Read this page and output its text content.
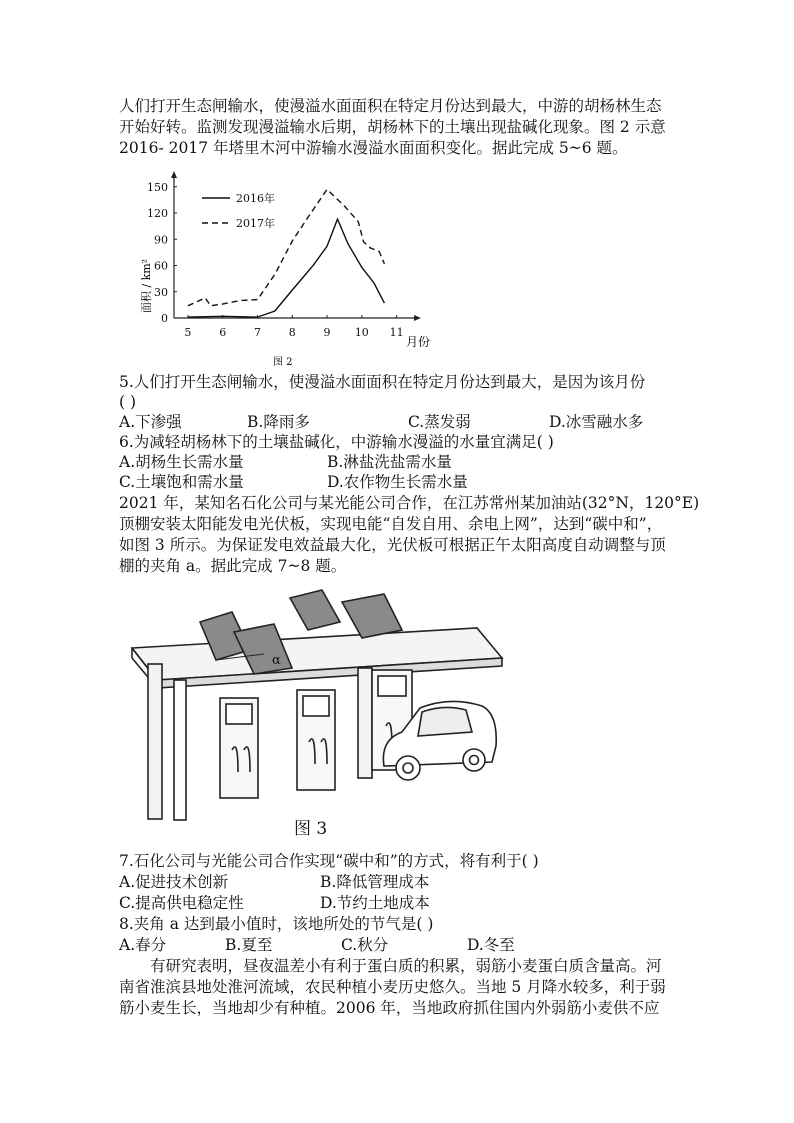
人们打开生态闸输水，使漫溢水面面积在特定月份达到最大，中游的胡杨林生态
开始好转。监测发现漫溢输水后期，胡杨林下的土壤出现盐碱化现象。图 2 示意
2016- 2017 年塔里木河中游输水漫溢水面面积变化。据此完成 5~6 题。
5	6	7	8	9 10 11
0
30
60
90
120
150
2016年
2017年
面积 / km²
月份
图 2
5.人们打开生态闸输水，使漫溢水面面积在特定月份达到最大，是因为该月份
( )
A.下渗强	B.降雨多	C.蒸发弱	D.冰雪融水多
6.为减轻胡杨林下的土壤盐碱化，中游输水漫溢的水量宜满足( )
A.胡杨生长需水量	B.淋盐洗盐需水量
C.土壤饱和需水量	D.农作物生长需水量
2021 年，某知名石化公司与某光能公司合作，在江苏常州某加油站(32°N，120°E)
顶棚安装太阳能发电光伏板，实现电能“自发自用、余电上网”，达到“碳中和”，
如图 3 所示。为保证发电效益最大化，光伏板可根据正午太阳高度自动调整与顶
棚的夹角 a。据此完成 7~8 题。
α
图 3
7.石化公司与光能公司合作实现“碳中和”的方式，将有利于( )
A.促进技术创新	B.降低管理成本
C.提高供电稳定性	D.节约土地成本
8.夹角 a 达到最小值时，该地所处的节气是( )
A.春分	B.夏至	C.秋分	D.冬至
有研究表明，昼夜温差小有利于蛋白质的积累，弱筋小麦蛋白质含量高。河
南省淮滨县地处淮河流域，农民种植小麦历史悠久。当地 5 月降水较多，利于弱
筋小麦生长，当地却少有种植。2006 年，当地政府抓住国内外弱筋小麦供不应
